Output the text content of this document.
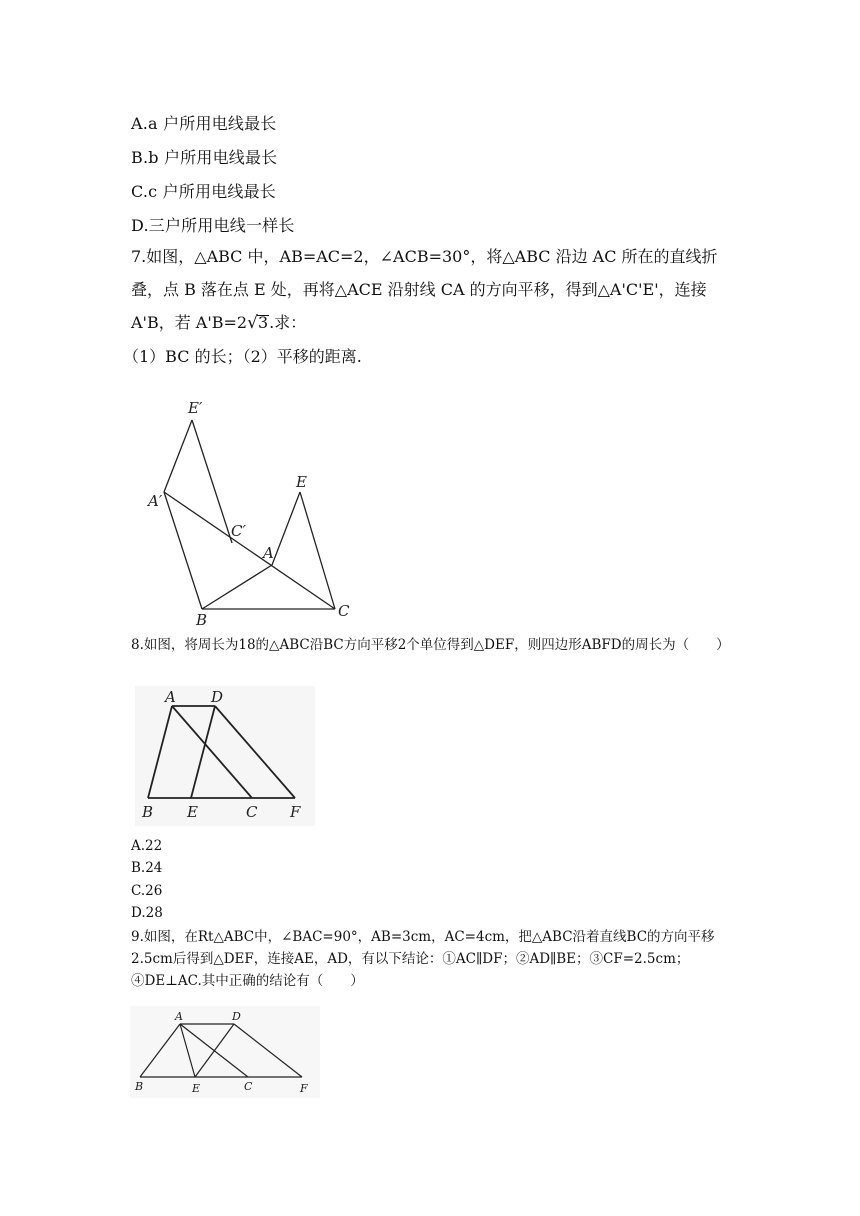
A.a 户所用电线最长
B.b 户所用电线最长
C.c 户所用电线最长
D.三户所用电线一样长
7.如图，△ABC 中，AB=AC=2，∠ACB=30°，将△ABC 沿边 AC 所在的直线折
叠，点 B 落在点 E 处，再将△ACE 沿射线 CA 的方向平移，得到△A'C'E'，连接
A'B，若 A'B=2√3.求：
（1）BC 的长；（2）平移的距离.
E′
A′
C′
E
A
B	C
8.如图，将周长为18的△ABC沿BC方向平移2个单位得到△DEF，则四边形ABFD的周长为（　　）
A D
B E	C F
A.22
B.24
C.26
D.28
9.如图，在Rt△ABC中，∠BAC=90°，AB=3cm，AC=4cm，把△ABC沿着直线BC的方向平移2.5cm后得到△DEF，连接AE，AD，有以下结论：①AC∥DF；②AD∥BE；③CF=2.5cm；④DE⊥AC.其中正确的结论有（　　）
A	D
B	E	C	F
